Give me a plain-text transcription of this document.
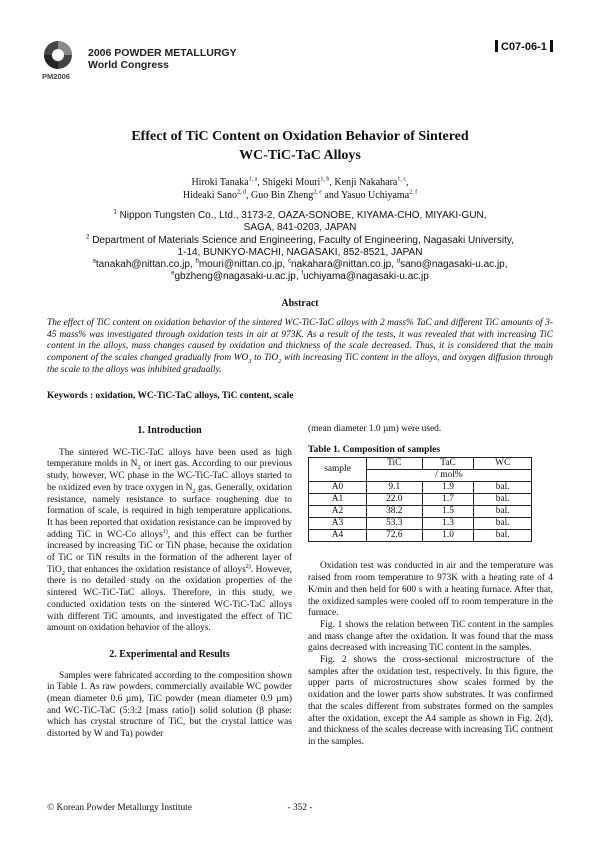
PM2006
2006 POWDER METALLURGY
World Congress
C07-06-1
Effect of TiC Content on Oxidation Behavior of Sintered
WC-TiC-TaC Alloys
Hiroki Tanaka$^{1, a}$, Shigeki Mouri$^{1, b}$, Kenji Nakahara$^{1, c}$,
Hideaki Sano$^{2, d}$, Guo Bin Zheng$^{2, e}$ and Yasuo Uchiyama$^{2, f}$
$^1$ Nippon Tungsten Co., Ltd., 3173-2, OAZA-SONOBE, KIYAMA-CHO, MIYAKI-GUN,
SAGA, 841-0203, JAPAN
$^2$ Department of Materials Science and Engineering, Faculty of Engineering, Nagasaki University,
1-14, BUNKYO-MACHI, NAGASAKI, 852-8521, JAPAN
$^a$tanakah@nittan.co.jp, $^b$mouri@nittan.co.jp, $^c$nakahara@nittan.co.jp, $^d$sano@nagasaki-u.ac.jp,
$^e$gbzheng@nagasaki-u.ac.jp, $^f$uchiyama@nagasaki-u.ac.jp
Abstract
The effect of TiC content on oxidation behavior of the sintered WC-TiC-TaC alloys with 2 mass% TaC and different TiC amounts of 3-45 mass% was investigated through oxidation tests in air at 973K. As a result of the tests, it was revealed that with increasing TiC content in the alloys, mass changes caused by oxidation and thickness of the scale decreased. Thus, it is considered that the main component of the scales changed gradually from $WO_3$ to TiO$_2$ with increasing TiC content in the alloys, and oxygen diffusion through the scale to the alloys was inhibited gradually.
Keywords : oxidation, WC-TiC-TaC alloys, TiC content, scale
1. Introduction

The sintered WC-TiC-TaC alloys have been used as high temperature molds in $N_2$ or inert gas. According to our previous study, however, WC phase in the WC-TiC-TaC alloys started to be oxidized even by trace oxygen in $N_2$ gas. Generally, oxidation resistance, namely resistance to surface roughening due to formation of scale, is required in high temperature applications. It has been reported that oxidation resistance can be improved by adding TiC in WC-Co alloys$^{1)}$, and this effect can be further increased by increasing TiC or TiN phase, because the oxidation of TiC or TiN results in the formation of the adherent layer of TiO$_2$ that enhances the oxidation resistance of alloys$^{2)}$. However, there is no detailed study on the oxidation properties of the sintered WC-TiC-TaC alloys. Therefore, in this study, we conducted oxidation tests on the sintered WC-TiC-TaC alloys with different TiC amounts, and investigated the effect of TiC amount on oxidation behavior of the alloys.

2. Experimental and Results

Samples were fabricated according to the composition shown in Table 1. As raw powders, commercially available WC powder (mean diameter 0.6 µm), TiC powder (mean diameter 0.9 µm) and WC-TiC-TaC (5:3:2 [mass ratio]) solid solution (β phase: which has crystal structure of TiC, but the crystal lattice was distorted by W and Ta) powder

(mean diameter 1.0 µm) were used.
Table 1. Composition of samples
sample	TiC	TaC	WC
	/ mol%		
A0	9.1	1.9	bal.
A1	22.0	1.7	bal.
A2	38.2	1.5	bal.
A3	53.3	1.3	bal.
A4	72.6	1.0	bal.

Oxidation test was conducted in air and the temperature was raised from room temperature to 973K with a heating rate of 4 K/min and then held for 600 s with a heating furnace. After that, the oxidized samples were cooled off to room temperature in the furnace.

Fig. 1 shows the relation between TiC content in the samples and mass change after the oxidation. It was found that the mass gains decreased with increasing TiC content in the samples.

Fig. 2 shows the cross-sectional microstructure of the samples after the oxidation test, respectively. In this figure, the upper parts of microstructures show scales formed by the oxidation and the lower parts show substrates. It was confirmed that the scales different from substrates formed on the samples after the oxidation, except the A4 sample as shown in Fig. 2(d), and thickness of the scales decrease with increasing TiC contnent in the samples.

© Korean Powder Metallurgy Institute	- 352 -
